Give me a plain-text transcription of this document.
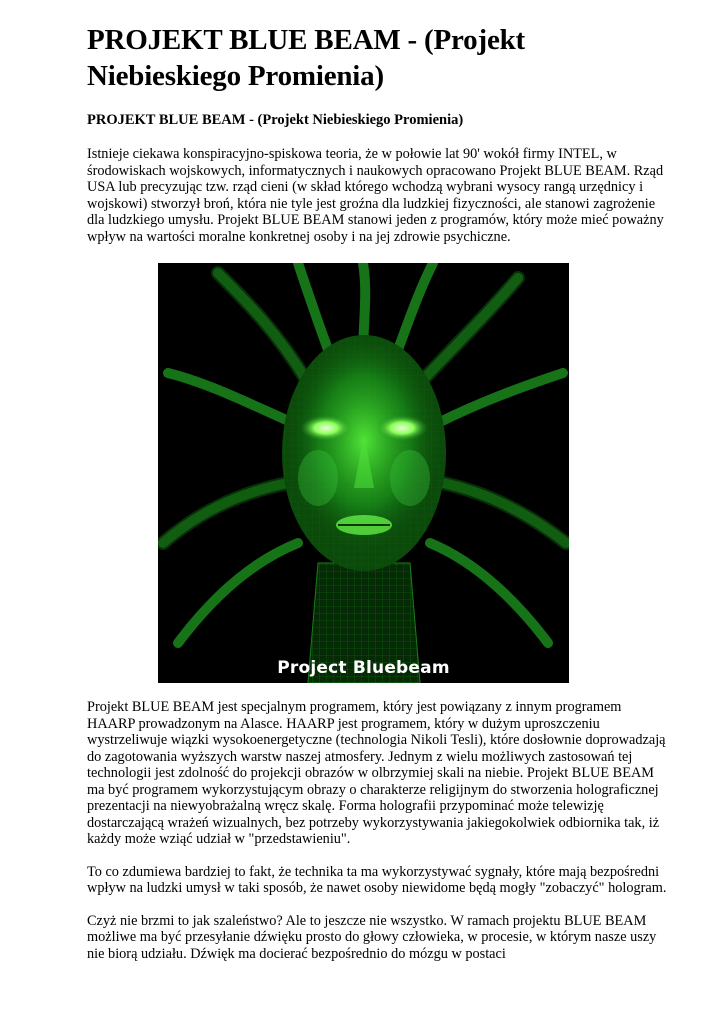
PROJEKT BLUE BEAM - (Projekt Niebieskiego Promienia)
PROJEKT BLUE BEAM - (Projekt Niebieskiego Promienia)

Istnieje ciekawa konspiracyjno-spiskowa teoria, że w połowie lat 90' wokół firmy INTEL, w środowiskach wojskowych, informatycznych i naukowych opracowano Projekt BLUE BEAM. Rząd USA lub precyzując tzw. rząd cieni (w skład którego wchodzą wybrani wysocy rangą urzędnicy i wojskowi) stworzył broń, która nie tyle jest groźna dla ludzkiej fizyczności, ale stanowi zagrożenie dla ludzkiego umysłu. Projekt BLUE BEAM stanowi jeden z programów, który może mieć poważny wpływ na wartości moralne konkretnej osoby i na jej zdrowie psychiczne.

Project Bluebeam

Projekt BLUE BEAM jest specjalnym programem, który jest powiązany z innym programem HAARP prowadzonym na Alasce. HAARP jest programem, który w dużym uproszczeniu wystrzeliwuje wiązki wysokoenergetyczne (technologia Nikoli Tesli), które dosłownie doprowadzają do zagotowania wyższych warstw naszej atmosfery. Jednym z wielu możliwych zastosowań tej technologii jest zdolność do projekcji obrazów w olbrzymiej skali na niebie. Projekt BLUE BEAM ma być programem wykorzystującym obrazy o charakterze religijnym do stworzenia holograficznej prezentacji na niewyobrażalną wręcz skalę. Forma holografii przypominać może telewizję dostarczającą wrażeń wizualnych, bez potrzeby wykorzystywania jakiegokolwiek odbiornika tak, iż każdy może wziąć udział w "przedstawieniu".

To co zdumiewa bardziej to fakt, że technika ta ma wykorzystywać sygnały, które mają bezpośredni wpływ na ludzki umysł w taki sposób, że nawet osoby niewidome będą mogły "zobaczyć" hologram.

Czyż nie brzmi to jak szaleństwo? Ale to jeszcze nie wszystko. W ramach projektu BLUE BEAM możliwe ma być przesyłanie dźwięku prosto do głowy człowieka, w procesie, w którym nasze uszy nie biorą udziału. Dźwięk ma docierać bezpośrednio do mózgu w postaci
